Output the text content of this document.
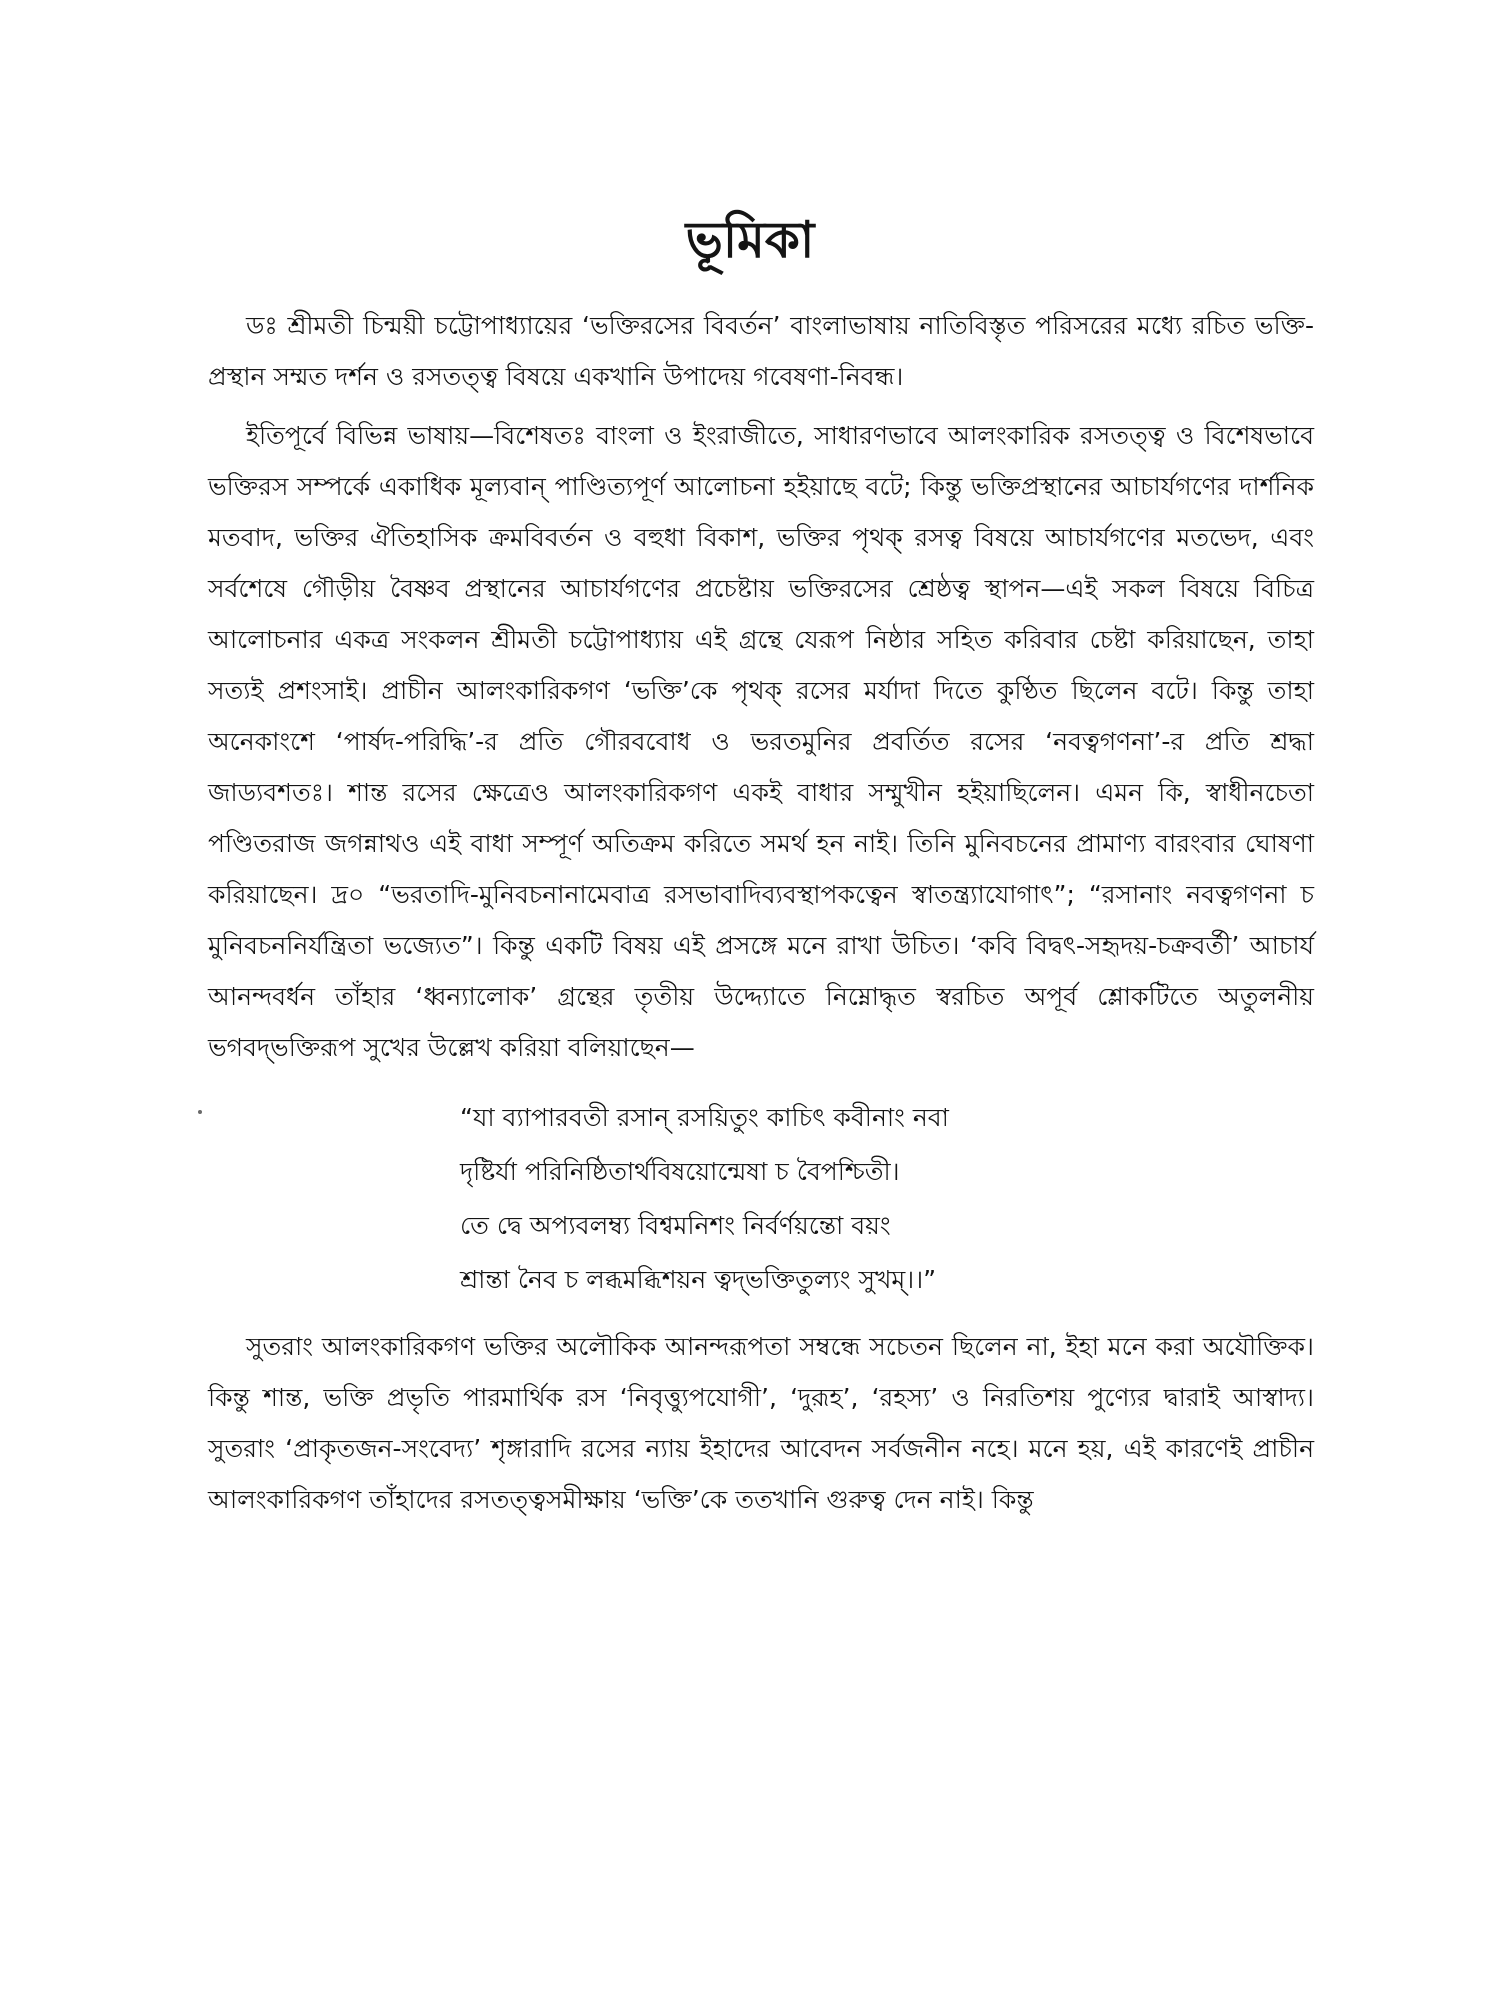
ভূমিকা

ডঃ শ্রীমতী চিন্ময়ী চট্টোপাধ্যায়ের ‘ভক্তিরসের বিবর্তন’ বাংলাভাষায় নাতিবিস্তৃত পরিসরের মধ্যে রচিত ভক্তি-প্রস্থান সম্মত দর্শন ও রসতত্ত্ব বিষয়ে একখানি উপাদেয় গবেষণা-নিবন্ধ।

ইতিপূর্বে বিভিন্ন ভাষায়—বিশেষতঃ বাংলা ও ইংরাজীতে, সাধারণভাবে আলংকারিক রসতত্ত্ব ও বিশেষভাবে ভক্তিরস সম্পর্কে একাধিক মূল্যবান্ পাণ্ডিত্যপূর্ণ আলোচনা হইয়াছে বটে; কিন্তু ভক্তিপ্রস্থানের আচার্যগণের দার্শনিক মতবাদ, ভক্তির ঐতিহাসিক ক্রমবিবর্তন ও বহুধা বিকাশ, ভক্তির পৃথক্ রসত্ব বিষয়ে আচার্যগণের মতভেদ, এবং সর্বশেষে গৌড়ীয় বৈষ্ণব প্রস্থানের আচার্যগণের প্রচেষ্টায় ভক্তিরসের শ্রেষ্ঠত্ব স্থাপন—এই সকল বিষয়ে বিচিত্র আলোচনার একত্র সংকলন শ্রীমতী চট্টোপাধ্যায় এই গ্রন্থে যেরূপ নিষ্ঠার সহিত করিবার চেষ্টা করিয়াছেন, তাহা সত্যই প্রশংসাই। প্রাচীন আলংকারিকগণ ‘ভক্তি’কে পৃথক্ রসের মর্যাদা দিতে কুণ্ঠিত ছিলেন বটে। কিন্তু তাহা অনেকাংশে ‘পার্ষদ-পরিদ্ধি’-র প্রতি গৌরববোধ ও ভরতমুনির প্রবর্তিত রসের ‘নবত্বগণনা’-র প্রতি শ্রদ্ধা জাড্যবশতঃ। শান্ত রসের ক্ষেত্রেও আলংকারিকগণ একই বাধার সম্মুখীন হইয়াছিলেন। এমন কি, স্বাধীনচেতা পণ্ডিতরাজ জগন্নাথও এই বাধা সম্পূর্ণ অতিক্রম করিতে সমর্থ হন নাই। তিনি মুনিবচনের প্রামাণ্য বারংবার ঘোষণা করিয়াছেন। দ্র০ “ভরতাদি-মুনিবচনানামেবাত্র রসভাবাদিব্যবস্থাপকত্বেন স্বাতন্ত্র্যাযোগাৎ”; “রসানাং নবত্বগণনা চ মুনিবচননির্যন্ত্রিতা ভজ্যেত”। কিন্তু একটি বিষয় এই প্রসঙ্গে মনে রাখা উচিত। ‘কবি বিদ্বৎ-সহৃদয়-চক্রবর্তী’ আচার্য আনন্দবর্ধন তাঁহার ‘ধ্বন্যালোক’ গ্রন্থের তৃতীয় উদ্দ্যোতে নিম্নোদ্ধৃত স্বরচিত অপূর্ব শ্লোকটিতে অতুলনীয় ভগবদ্‌ভক্তিরূপ সুখের উল্লেখ করিয়া বলিয়াছেন—

“যা ব্যাপারবতী রসান্ রসয়িতুং কাচিৎ কবীনাং নবা
দৃষ্টির্যা পরিনিষ্ঠিতার্থবিষয়োন্মেষা চ বৈপশ্চিতী।
তে দ্বে অপ্যবলম্ব্য বিশ্বমনিশং নির্বর্ণয়ন্তো বয়ং
শ্রান্তা নৈব চ লব্ধমব্ধিশয়ন ত্বদ্‌ভক্তিতুল্যং সুখম্।।”

সুতরাং আলংকারিকগণ ভক্তির অলৌকিক আনন্দরূপতা সম্বন্ধে সচেতন ছিলেন না, ইহা মনে করা অযৌক্তিক। কিন্তু শান্ত, ভক্তি প্রভৃতি পারমার্থিক রস ‘নিবৃত্ত্যুপযোগী’, ‘দুরূহ’, ‘রহস্য’ ও নিরতিশয় পুণ্যের দ্বারাই আস্বাদ্য। সুতরাং ‘প্রাকৃতজন-সংবেদ্য’ শৃঙ্গারাদি রসের ন্যায় ইহাদের আবেদন সর্বজনীন নহে। মনে হয়, এই কারণেই প্রাচীন আলংকারিকগণ তাঁহাদের রসতত্ত্বসমীক্ষায় ‘ভক্তি’কে ততখানি গুরুত্ব দেন নাই। কিন্তু
